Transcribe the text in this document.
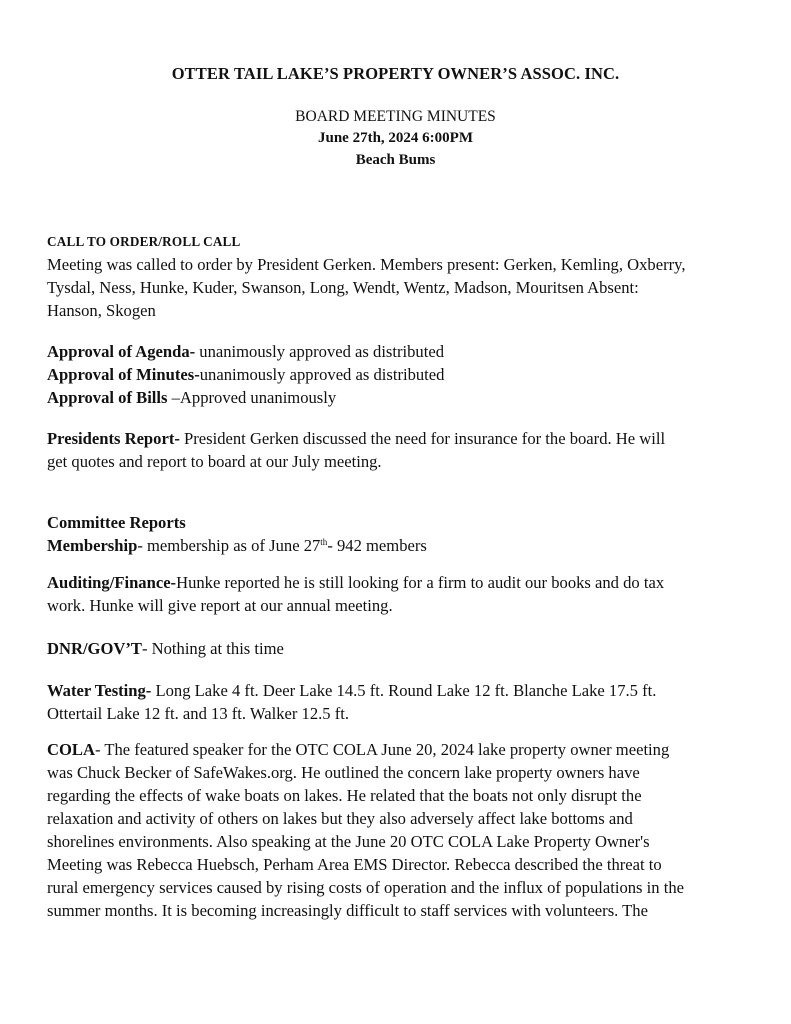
OTTER TAIL LAKE’S PROPERTY OWNER’S ASSOC. INC.
BOARD MEETING MINUTES
June 27th, 2024 6:00PM
Beach Bums
CALL TO ORDER/ROLL CALL
Meeting was called to order by President Gerken. Members present: Gerken, Kemling, Oxberry,
Tysdal, Ness, Hunke, Kuder, Swanson, Long, Wendt, Wentz, Madson, Mouritsen Absent:
Hanson, Skogen
Approval of Agenda- unanimously approved as distributed
Approval of Minutes-unanimously approved as distributed
Approval of Bills –Approved unanimously
Presidents Report- President Gerken discussed the need for insurance for the board. He will
get quotes and report to board at our July meeting.
Committee Reports
Membership- membership as of June 27th- 942 members
Auditing/Finance-Hunke reported he is still looking for a firm to audit our books and do tax
work. Hunke will give report at our annual meeting.
DNR/GOV’T- Nothing at this time
Water Testing- Long Lake 4 ft. Deer Lake 14.5 ft. Round Lake 12 ft. Blanche Lake 17.5 ft.
Ottertail Lake 12 ft. and 13 ft. Walker 12.5 ft.
COLA- The featured speaker for the OTC COLA June 20, 2024 lake property owner meeting
was Chuck Becker of SafeWakes.org. He outlined the concern lake property owners have
regarding the effects of wake boats on lakes. He related that the boats not only disrupt the
relaxation and activity of others on lakes but they also adversely affect lake bottoms and
shorelines environments. Also speaking at the June 20 OTC COLA Lake Property Owner's
Meeting was Rebecca Huebsch, Perham Area EMS Director. Rebecca described the threat to
rural emergency services caused by rising costs of operation and the influx of populations in the
summer months. It is becoming increasingly difficult to staff services with volunteers. The
